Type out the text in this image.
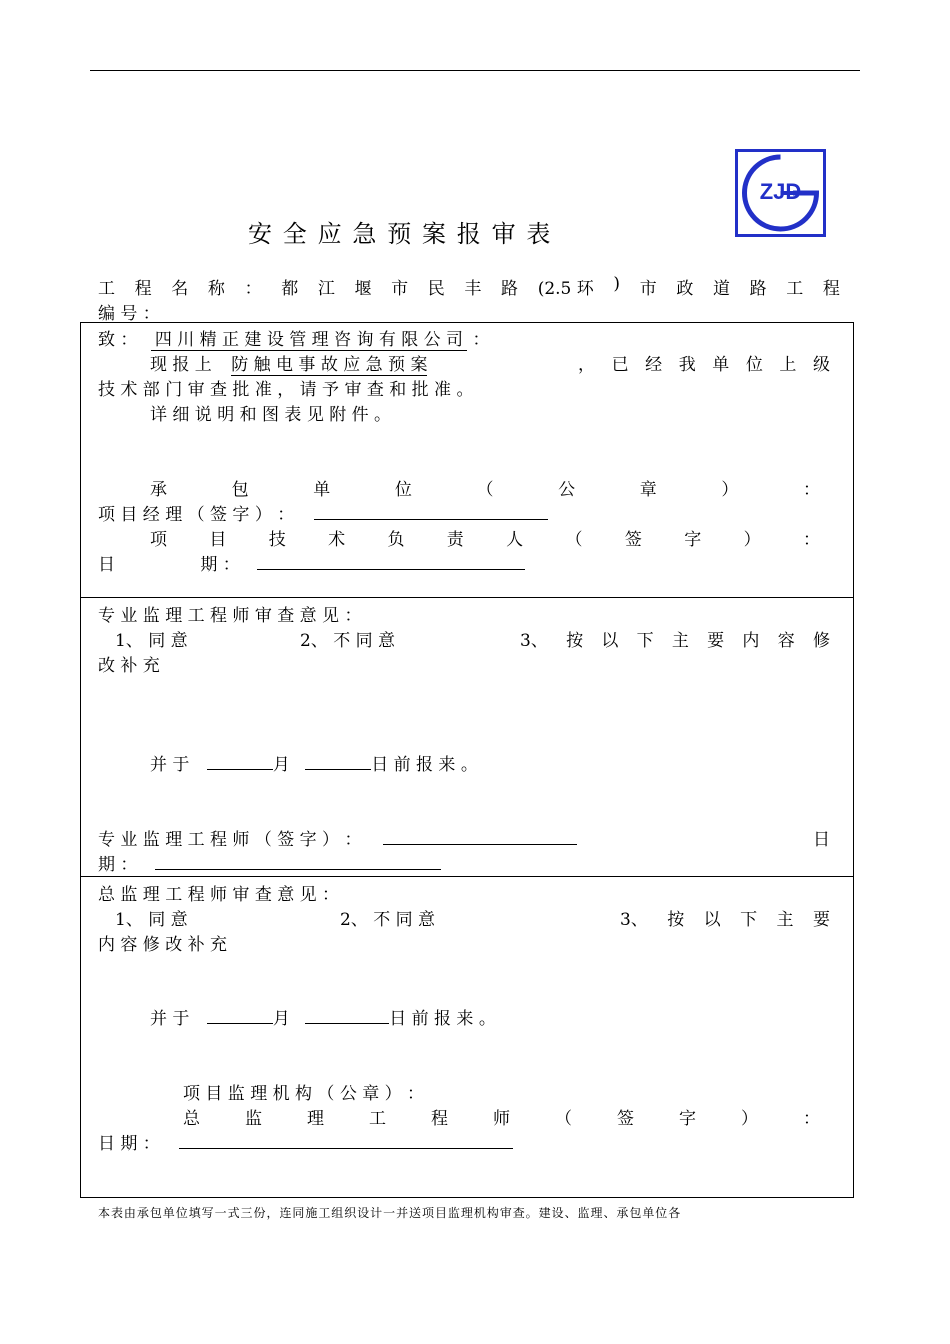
ZJD
安全应急预案报审表
工 程 名 称 ： 都 江 堰 市 民 丰 路 (2.5 环 ) 市 政 道 路 工 程
编 号 ：
致 ： 四 川 精 正 建 设 管 理 咨 询 有 限 公 司 ：
现 报 上 防 触 电 事 故 应 急 预 案	， 已 经 我 单 位 上 级
技 术 部 门 审 查 批 准 ， 请 予 审 查 和 批 准 。
详 细 说 明 和 图 表 见 附 件 。
承	包	单	位	（	公	章	）	：
项 目 经 理 （ 签 字 ） ：
项 目 技 术 负 责 人 （ 签 字 ） ：
日	期 ：
专 业 监 理 工 程 师 审 查 意 见 ：
1、 同 意	2、 不 同 意	3、 按 以 下 主 要 内 容 修
改 补 充
并 于	月	日 前 报 来 。
专 业 监 理 工 程 师 （ 签 字 ） ：	日
期 ：
总 监 理 工 程 师 审 查 意 见 ：
1、 同 意	2、 不 同 意	3、 按 以 下 主 要
内 容 修 改 补 充
并 于	月	日 前 报 来 。
项 目 监 理 机 构 （ 公 章 ） ：
总	监	理	工	程	师	（	签	字	）	：
日 期 ：
本表由承包单位填写一式三份，连同施工组织设计一并送项目监理机构审查。建设、监理、承包单位各
